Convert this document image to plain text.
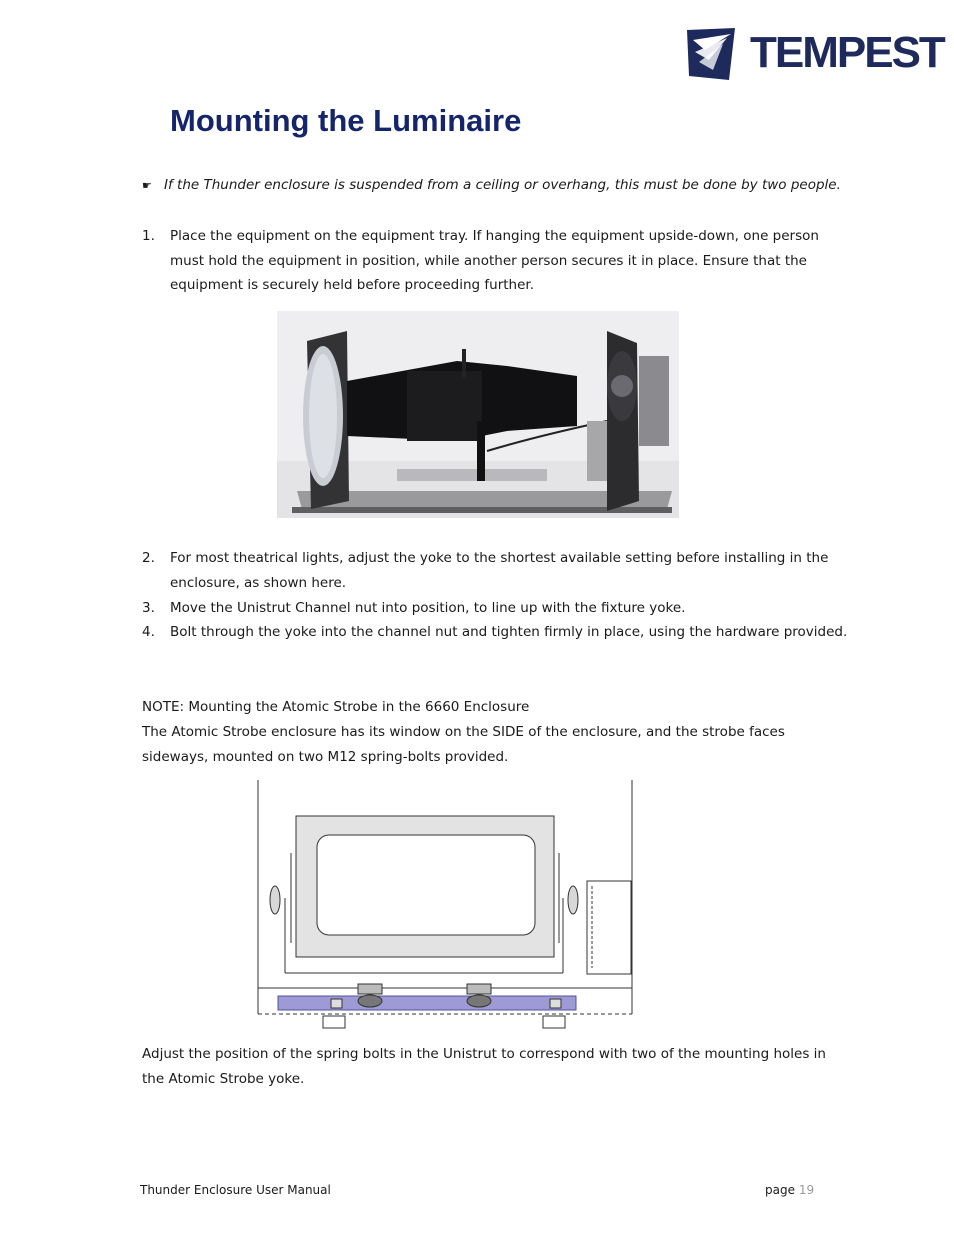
TEMPEST
Mounting the Luminaire
☛ If the Thunder enclosure is suspended from a ceiling or overhang, this must be done by two people.
1. Place the equipment on the equipment tray. If hanging the equipment upside-down, one person must hold the equipment in position, while another person secures it in place. Ensure that the equipment is securely held before proceeding further.
2. For most theatrical lights, adjust the yoke to the shortest available setting before installing in the enclosure, as shown here.
3. Move the Unistrut Channel nut into position, to line up with the fixture yoke.
4. Bolt through the yoke into the channel nut and tighten firmly in place, using the hardware provided.
NOTE: Mounting the Atomic Strobe in the 6660 Enclosure
The Atomic Strobe enclosure has its window on the SIDE of the enclosure, and the strobe faces sideways, mounted on two M12 spring-bolts provided.
Adjust the position of the spring bolts in the Unistrut to correspond with two of the mounting holes in the Atomic Strobe yoke.
Thunder Enclosure User Manual	page 19
